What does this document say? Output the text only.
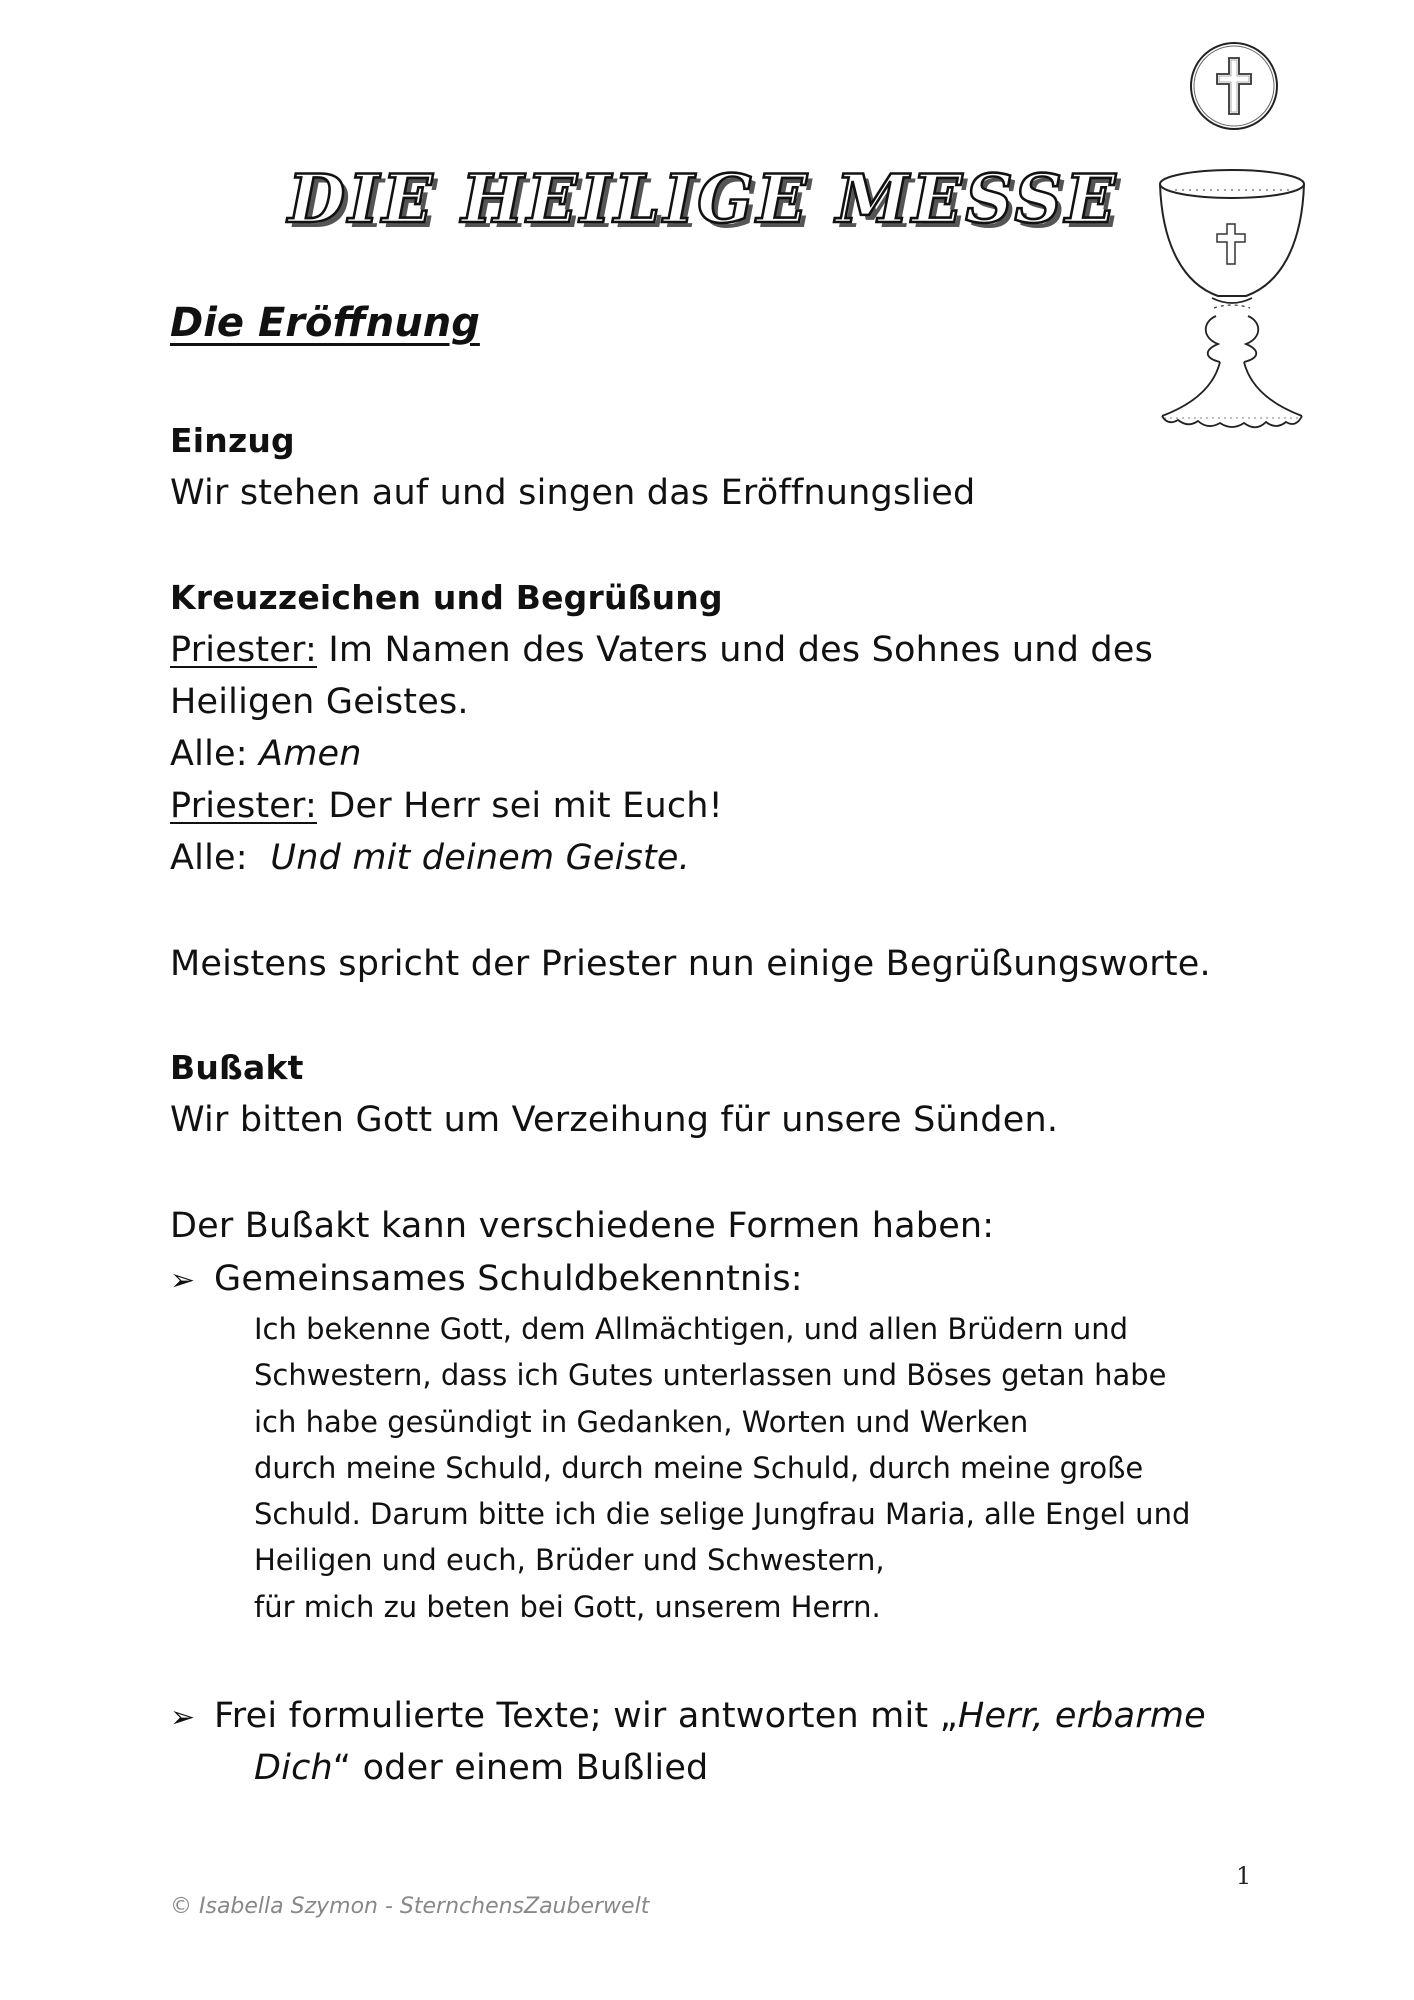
DIE HEILIGE MESSE
Die Eröffnung
Einzug
Wir stehen auf und singen das Eröffnungslied
Kreuzzeichen und Begrüßung
Priester: Im Namen des Vaters und des Sohnes und des
Heiligen Geistes.
Alle: Amen
Priester: Der Herr sei mit Euch!
Alle:  Und mit deinem Geiste.
Meistens spricht der Priester nun einige Begrüßungsworte.
Bußakt
Wir bitten Gott um Verzeihung für unsere Sünden.
Der Bußakt kann verschiedene Formen haben:
➢ Gemeinsames Schuldbekenntnis:
Ich bekenne Gott, dem Allmächtigen, und allen Brüdern und
Schwestern, dass ich Gutes unterlassen und Böses getan habe
ich habe gesündigt in Gedanken, Worten und Werken
durch meine Schuld, durch meine Schuld, durch meine große
Schuld. Darum bitte ich die selige Jungfrau Maria, alle Engel und
Heiligen und euch, Brüder und Schwestern,
für mich zu beten bei Gott, unserem Herrn.
➢ Frei formulierte Texte; wir antworten mit „Herr, erbarme
Dich“ oder einem Bußlied
1
© Isabella Szymon - SternchensZauberwelt
